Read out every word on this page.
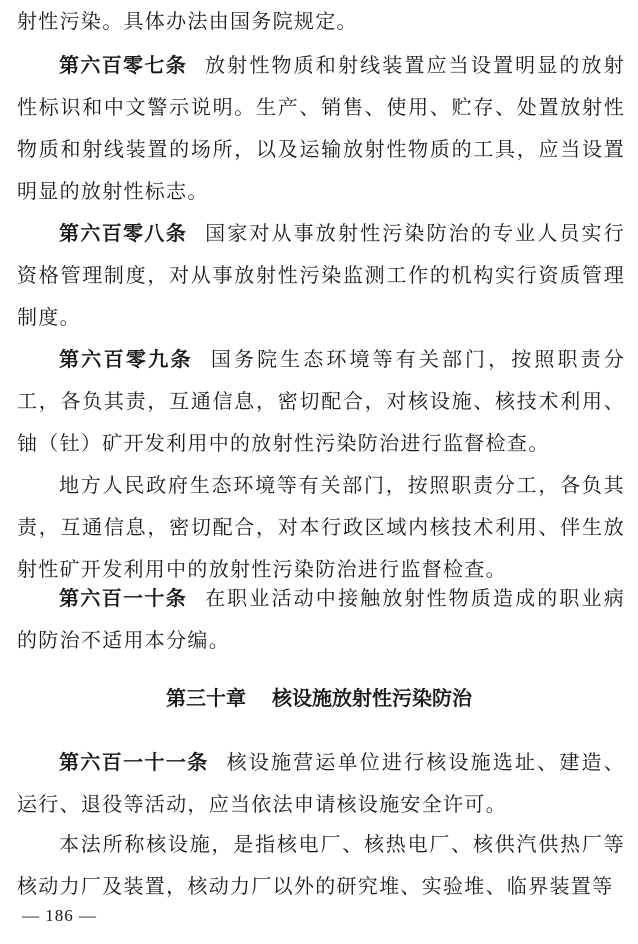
射性污染。具体办法由国务院规定。

第六百零七条 放射性物质和射线装置应当设置明显的放射性标识和中文警示说明。生产、销售、使用、贮存、处置放射性物质和射线装置的场所，以及运输放射性物质的工具，应当设置明显的放射性标志。

第六百零八条 国家对从事放射性污染防治的专业人员实行资格管理制度，对从事放射性污染监测工作的机构实行资质管理制度。

第六百零九条 国务院生态环境等有关部门，按照职责分工，各负其责，互通信息，密切配合，对核设施、核技术利用、铀（钍）矿开发利用中的放射性污染防治进行监督检查。

地方人民政府生态环境等有关部门，按照职责分工，各负其责，互通信息，密切配合，对本行政区域内核技术利用、伴生放射性矿开发利用中的放射性污染防治进行监督检查。

第六百一十条 在职业活动中接触放射性物质造成的职业病的防治不适用本分编。

第三十章 核设施放射性污染防治

第六百一十一条 核设施营运单位进行核设施选址、建造、运行、退役等活动，应当依法申请核设施安全许可。

本法所称核设施，是指核电厂、核热电厂、核供汽供热厂等核动力厂及装置，核动力厂以外的研究堆、实验堆、临界装置等

— 186 —
